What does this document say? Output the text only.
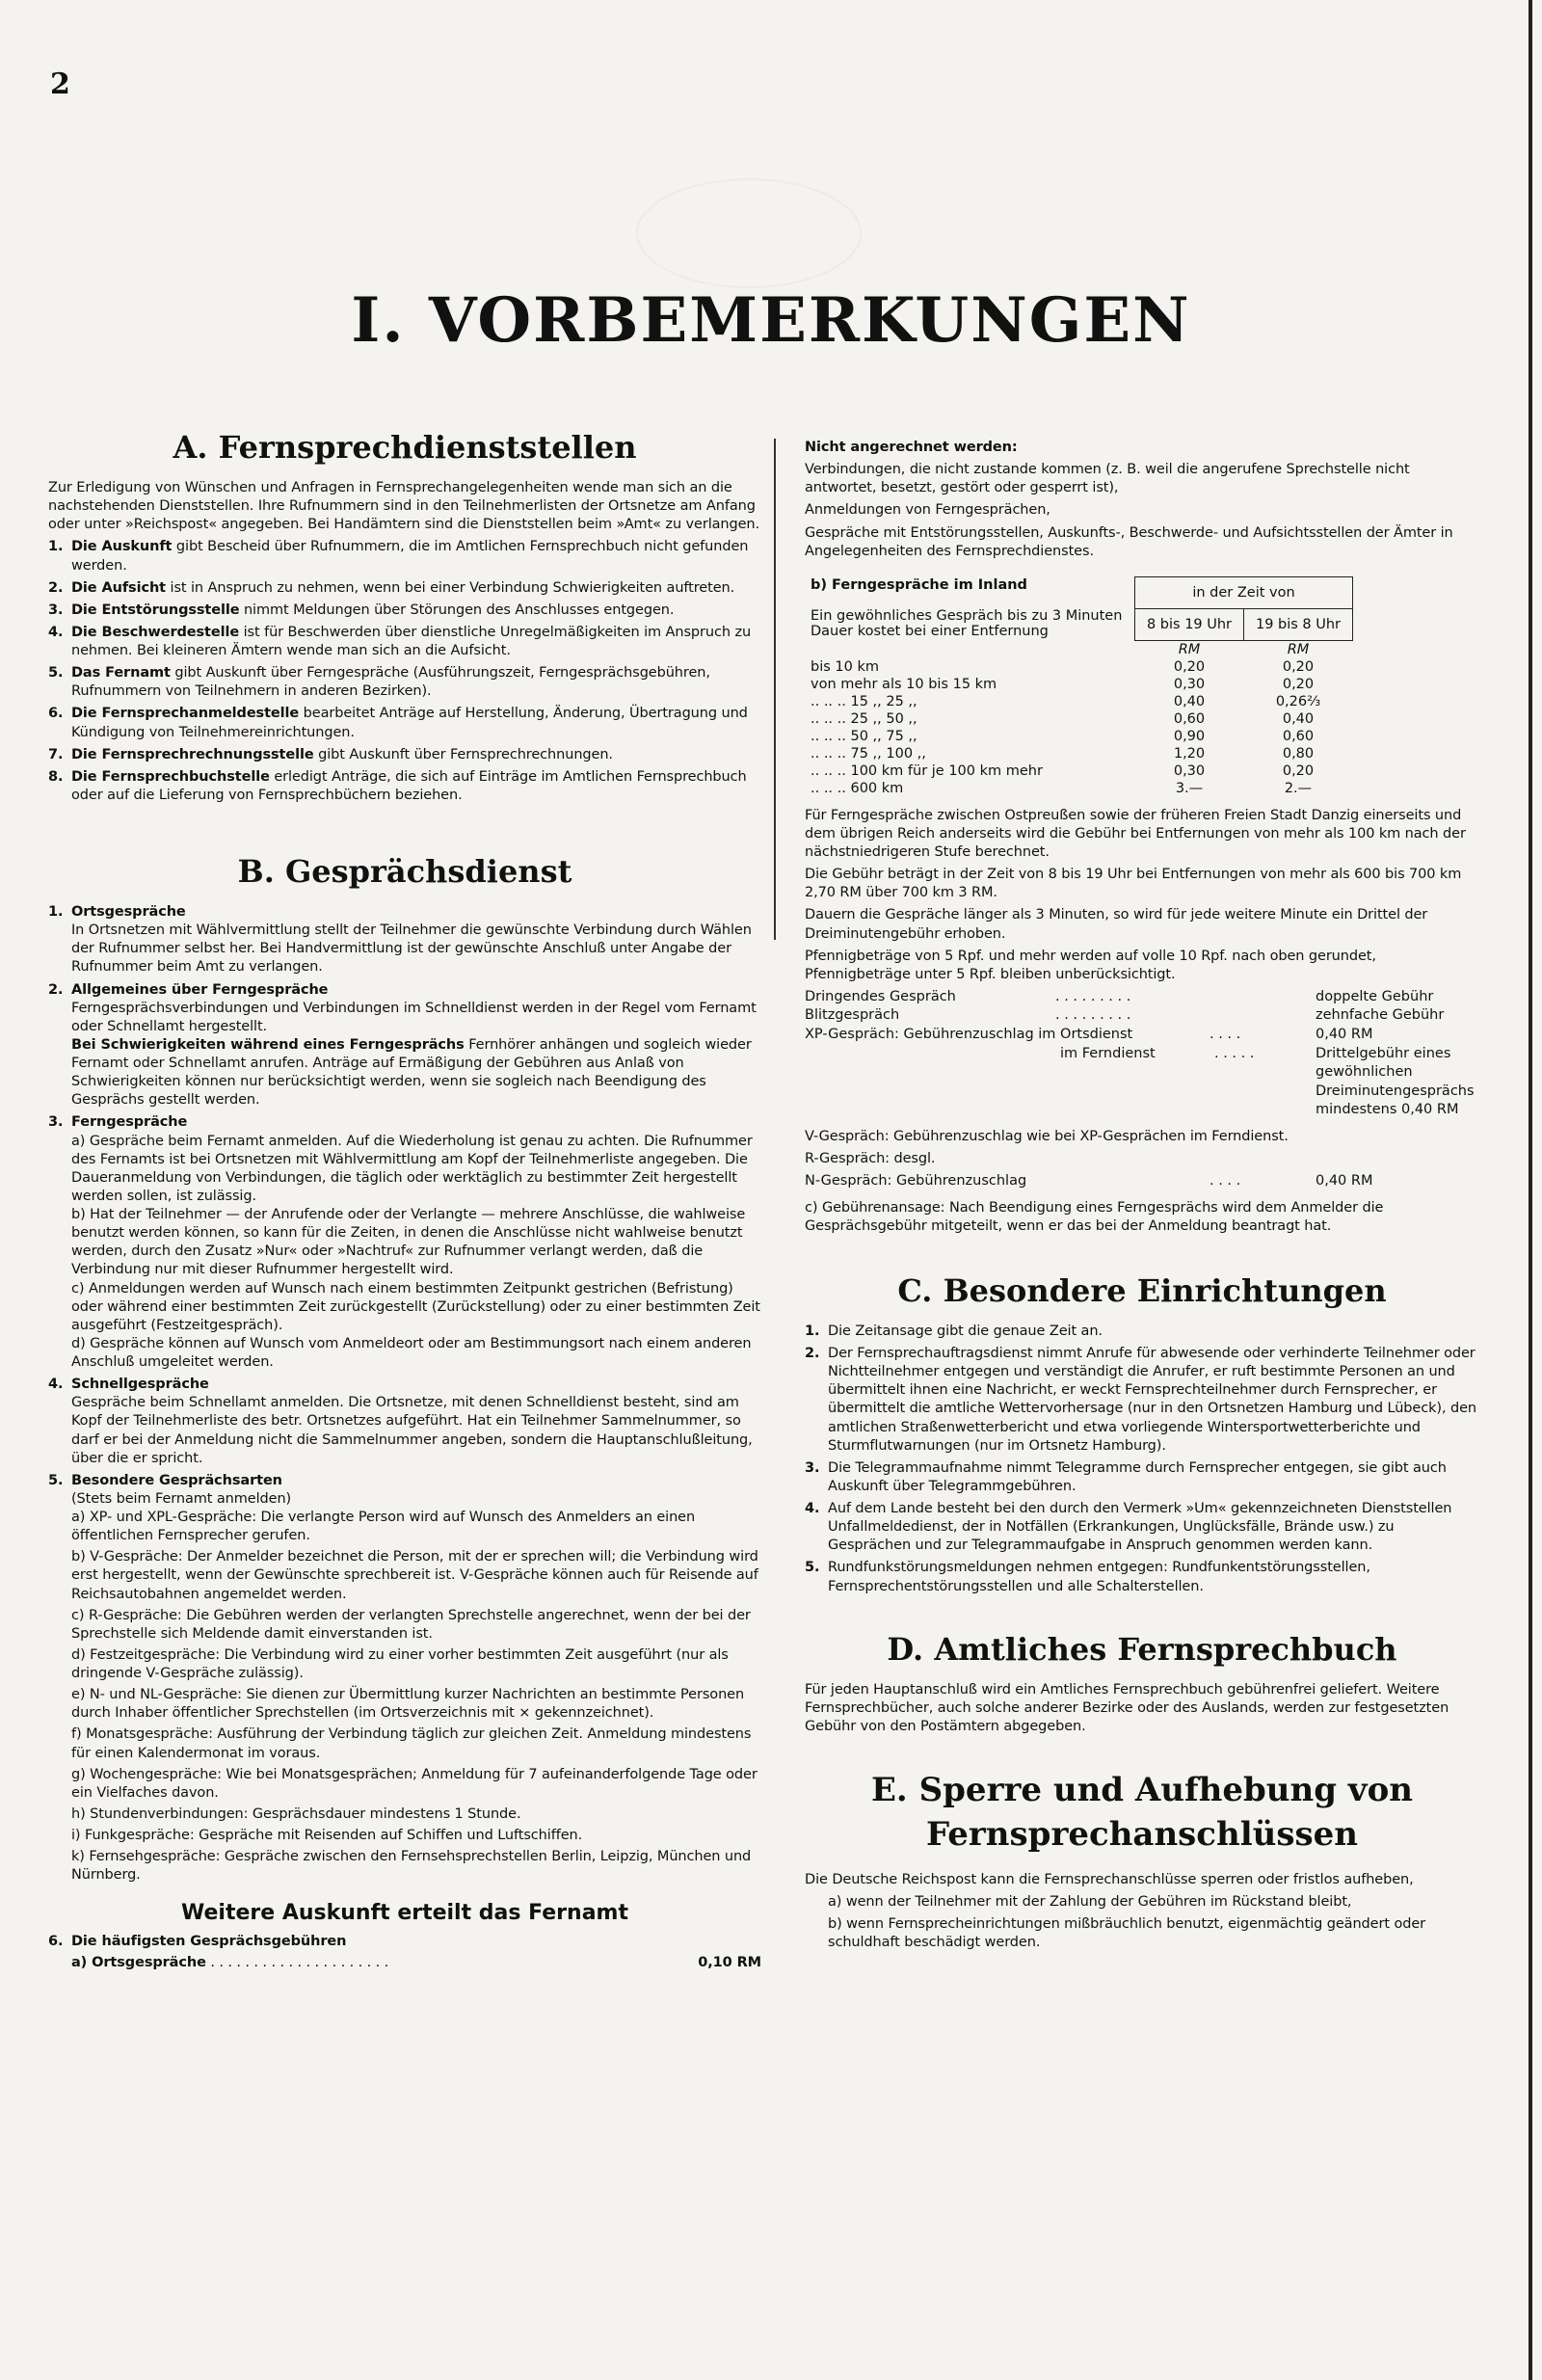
2
I. VORBEMERKUNGEN
A. Fernsprechdienststellen

Zur Erledigung von Wünschen und Anfragen in Fernsprechangelegenheiten wende man sich an die nachstehenden Dienststellen. Ihre Rufnummern sind in den Teilnehmerlisten der Ortsnetze am Anfang oder unter »Reichspost« angegeben. Bei Handämtern sind die Dienststellen beim »Amt« zu verlangen.

1. Die Auskunft gibt Bescheid über Rufnummern, die im Amtlichen Fernsprechbuch nicht gefunden werden.
2. Die Aufsicht ist in Anspruch zu nehmen, wenn bei einer Verbindung Schwierigkeiten auftreten.
3. Die Entstörungsstelle nimmt Meldungen über Störungen des Anschlusses entgegen.
4. Die Beschwerdestelle ist für Beschwerden über dienstliche Unregelmäßigkeiten im Anspruch zu nehmen. Bei kleineren Ämtern wende man sich an die Aufsicht.
5. Das Fernamt gibt Auskunft über Ferngespräche (Ausführungszeit, Ferngesprächsgebühren, Rufnummern von Teilnehmern in anderen Bezirken).
6. Die Fernsprechanmeldestelle bearbeitet Anträge auf Herstellung, Änderung, Übertragung und Kündigung von Teilnehmereinrichtungen.
7. Die Fernsprechrechnungsstelle gibt Auskunft über Fernsprechrechnungen.
8. Die Fernsprechbuchstelle erledigt Anträge, die sich auf Einträge im Amtlichen Fernsprechbuch oder auf die Lieferung von Fernsprechbüchern beziehen.
B. Gesprächsdienst
1. Ortsgespräche
In Ortsnetzen mit Wählvermittlung stellt der Teilnehmer die gewünschte Verbindung durch Wählen der Rufnummer selbst her. Bei Handvermittlung ist der gewünschte Anschluß unter Angabe der Rufnummer beim Amt zu verlangen.
2. Allgemeines über Ferngespräche
Ferngesprächsverbindungen und Verbindungen im Schnelldienst werden in der Regel vom Fernamt oder Schnellamt hergestellt.
Bei Schwierigkeiten während eines Ferngesprächs Fernhörer anhängen und sogleich wieder Fernamt oder Schnellamt anrufen. Anträge auf Ermäßigung der Gebühren aus Anlaß von Schwierigkeiten können nur berücksichtigt werden, wenn sie sogleich nach Beendigung des Gesprächs gestellt werden.
3. Ferngespräche
a) Gespräche beim Fernamt anmelden. Auf die Wiederholung ist genau zu achten. Die Rufnummer des Fernamts ist bei Ortsnetzen mit Wählvermittlung am Kopf der Teilnehmerliste angegeben. Die Daueranmeldung von Verbindungen, die täglich oder werktäglich zu bestimmter Zeit hergestellt werden sollen, ist zulässig.
b) Hat der Teilnehmer — der Anrufende oder der Verlangte — mehrere Anschlüsse, die wahlweise benutzt werden können, so kann für die Zeiten, in denen die Anschlüsse nicht wahlweise benutzt werden, durch den Zusatz »Nur« oder »Nachtruf« zur Rufnummer verlangt werden, daß die Verbindung nur mit dieser Rufnummer hergestellt wird.
c) Anmeldungen werden auf Wunsch nach einem bestimmten Zeitpunkt gestrichen (Befristung) oder während einer bestimmten Zeit zurückgestellt (Zurückstellung) oder zu einer bestimmten Zeit ausgeführt (Festzeitgespräch).
d) Gespräche können auf Wunsch vom Anmeldeort oder am Bestimmungsort nach einem anderen Anschluß umgeleitet werden.
4. Schnellgespräche
Gespräche beim Schnellamt anmelden. Die Ortsnetze, mit denen Schnelldienst besteht, sind am Kopf der Teilnehmerliste des betr. Ortsnetzes aufgeführt. Hat ein Teilnehmer Sammelnummer, so darf er bei der Anmeldung nicht die Sammelnummer angeben, sondern die Hauptanschlußleitung, über die er spricht.
5. Besondere Gesprächsarten
(Stets beim Fernamt anmelden)
a) XP- und XPL-Gespräche: Die verlangte Person wird auf Wunsch des Anmelders an einen öffentlichen Fernsprecher gerufen.
b) V-Gespräche: Der Anmelder bezeichnet die Person, mit der er sprechen will; die Verbindung wird erst hergestellt, wenn der Gewünschte sprechbereit ist. V-Gespräche können auch für Reisende auf Reichsautobahnen angemeldet werden.
c) R-Gespräche: Die Gebühren werden der verlangten Sprechstelle angerechnet, wenn der bei der Sprechstelle sich Meldende damit einverstanden ist.
d) Festzeitgespräche: Die Verbindung wird zu einer vorher bestimmten Zeit ausgeführt (nur als dringende V-Gespräche zulässig).
e) N- und NL-Gespräche: Sie dienen zur Übermittlung kurzer Nachrichten an bestimmte Personen durch Inhaber öffentlicher Sprechstellen (im Ortsverzeichnis mit × gekennzeichnet).
f) Monatsgespräche: Ausführung der Verbindung täglich zur gleichen Zeit. Anmeldung mindestens für einen Kalendermonat im voraus.
g) Wochengespräche: Wie bei Monatsgesprächen; Anmeldung für 7 aufeinanderfolgende Tage oder ein Vielfaches davon.
h) Stundenverbindungen: Gesprächsdauer mindestens 1 Stunde.
i) Funkgespräche: Gespräche mit Reisenden auf Schiffen und Luftschiffen.
k) Fernsehgespräche: Gespräche zwischen den Fernsehsprechstellen Berlin, Leipzig, München und Nürnberg.
Weitere Auskunft erteilt das Fernamt
6. Die häufigsten Gesprächsgebühren

a) Ortsgespräche . . . . . . . . . . . . . . . . . . . . .	0,10 RM

Nicht angerechnet werden:

Verbindungen, die nicht zustande kommen (z. B. weil die angerufene Sprechstelle nicht antwortet, besetzt, gestört oder gesperrt ist),

Anmeldungen von Ferngesprächen,

Gespräche mit Entstörungsstellen, Auskunfts-, Beschwerde- und Aufsichtsstellen der Ämter in Angelegenheiten des Fernsprechdienstes.

b) Ferngespräche im Inland

Ein gewöhnliches Gespräch bis zu 3 Minuten Dauer kostet bei einer Entfernung	in der Zeit von	
	8 bis 19 Uhr	19 bis 8 Uhr
	RM	RM
bis 10 km	0,20	0,20
von mehr als 10 bis 15 km	0,30	0,20
.. .. .. 15 ,, 25 ,,	0,40	0,26⅔
.. .. .. 25 ,, 50 ,,	0,60	0,40
.. .. .. 50 ,, 75 ,,	0,90	0,60
.. .. .. 75 ,, 100 ,,	1,20	0,80
.. .. .. 100 km für je 100 km mehr	0,30	0,20
.. .. .. 600 km	3.—	2.—

Für Ferngespräche zwischen Ostpreußen sowie der früheren Freien Stadt Danzig einerseits und dem übrigen Reich anderseits wird die Gebühr bei Entfernungen von mehr als 100 km nach der nächstniedrigeren Stufe berechnet.

Die Gebühr beträgt in der Zeit von 8 bis 19 Uhr bei Entfernungen von mehr als 600 bis 700 km 2,70 RM über 700 km 3 RM.

Dauern die Gespräche länger als 3 Minuten, so wird für jede weitere Minute ein Drittel der Dreiminutengebühr erhoben.

Pfennigbeträge von 5 Rpf. und mehr werden auf volle 10 Rpf. nach oben gerundet, Pfennigbeträge unter 5 Rpf. bleiben unberücksichtigt.

Dringendes Gespräch	. . . . . . . . .	doppelte Gebühr
Blitzgespräch	. . . . . . . . .	zehnfache Gebühr
XP-Gespräch: Gebührenzuschlag im Ortsdienst	. . . .	0,40 RM
im Ferndienst	. . . . .	Drittelgebühr eines gewöhnlichen Dreiminutengesprächs mindestens 0,40 RM

V-Gespräch: Gebührenzuschlag wie bei XP-Gesprächen im Ferndienst.

R-Gespräch: desgl.

N-Gespräch: Gebührenzuschlag	. . . .	0,40 RM

c) Gebührenansage: Nach Beendigung eines Ferngesprächs wird dem Anmelder die Gesprächsgebühr mitgeteilt, wenn er das bei der Anmeldung beantragt hat.

C. Besondere Einrichtungen
1. Die Zeitansage gibt die genaue Zeit an.
2. Der Fernsprechauftragsdienst nimmt Anrufe für abwesende oder verhinderte Teilnehmer oder Nichtteilnehmer entgegen und verständigt die Anrufer, er ruft bestimmte Personen an und übermittelt ihnen eine Nachricht, er weckt Fernsprechteilnehmer durch Fernsprecher, er übermittelt die amtliche Wettervorhersage (nur in den Ortsnetzen Hamburg und Lübeck), den amtlichen Straßenwetterbericht und etwa vorliegende Wintersportwetterberichte und Sturmflutwarnungen (nur im Ortsnetz Hamburg).
3. Die Telegrammaufnahme nimmt Telegramme durch Fernsprecher entgegen, sie gibt auch Auskunft über Telegrammgebühren.
4. Auf dem Lande besteht bei den durch den Vermerk »Um« gekennzeichneten Dienststellen Unfallmeldedienst, der in Notfällen (Erkrankungen, Unglücksfälle, Brände usw.) zu Gesprächen und zur Telegrammaufgabe in Anspruch genommen werden kann.
5. Rundfunkstörungsmeldungen nehmen entgegen: Rundfunkentstörungsstellen, Fernsprechentstörungsstellen und alle Schalterstellen.
D. Amtliches Fernsprechbuch

Für jeden Hauptanschluß wird ein Amtliches Fernsprechbuch gebührenfrei geliefert. Weitere Fernsprechbücher, auch solche anderer Bezirke oder des Auslands, werden zur festgesetzten Gebühr von den Postämtern abgegeben.

E. Sperre und Aufhebung von Fernsprechanschlüssen

Die Deutsche Reichspost kann die Fernsprechanschlüsse sperren oder fristlos aufheben,

a) wenn der Teilnehmer mit der Zahlung der Gebühren im Rückstand bleibt,

b) wenn Fernsprecheinrichtungen mißbräuchlich benutzt, eigenmächtig geändert oder schuldhaft beschädigt werden.
